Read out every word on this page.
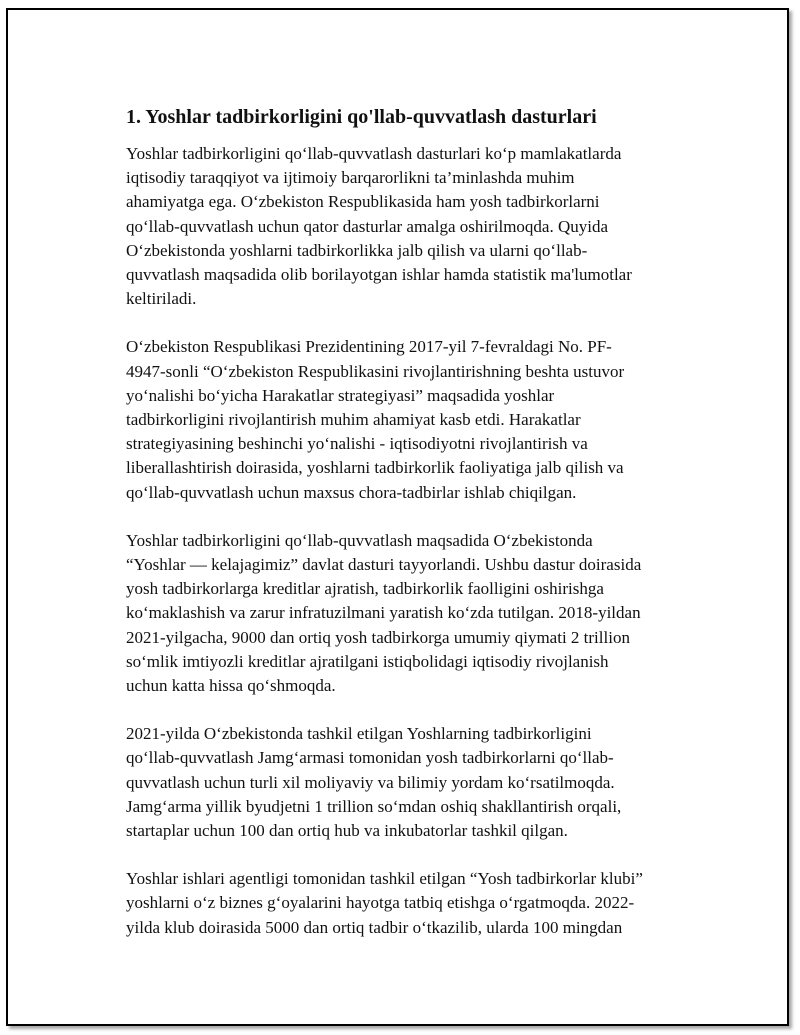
1. Yoshlar tadbirkorligini qo'llab-quvvatlash dasturlari
Yoshlar tadbirkorligini qo‘llab-quvvatlash dasturlari ko‘p mamlakatlarda
iqtisodiy taraqqiyot va ijtimoiy barqarorlikni ta’minlashda muhim
ahamiyatga ega. O‘zbekiston Respublikasida ham yosh tadbirkorlarni
qo‘llab-quvvatlash uchun qator dasturlar amalga oshirilmoqda. Quyida
O‘zbekistonda yoshlarni tadbirkorlikka jalb qilish va ularni qo‘llab-
quvvatlash maqsadida olib borilayotgan ishlar hamda statistik ma'lumotlar
keltiriladi.
O‘zbekiston Respublikasi Prezidentining 2017-yil 7-fevraldagi No. PF-
4947-sonli “O‘zbekiston Respublikasini rivojlantirishning beshta ustuvor
yo‘nalishi bo‘yicha Harakatlar strategiyasi” maqsadida yoshlar
tadbirkorligini rivojlantirish muhim ahamiyat kasb etdi. Harakatlar
strategiyasining beshinchi yo‘nalishi - iqtisodiyotni rivojlantirish va
liberallashtirish doirasida, yoshlarni tadbirkorlik faoliyatiga jalb qilish va
qo‘llab-quvvatlash uchun maxsus chora-tadbirlar ishlab chiqilgan.
Yoshlar tadbirkorligini qo‘llab-quvvatlash maqsadida O‘zbekistonda
“Yoshlar — kelajagimiz” davlat dasturi tayyorlandi. Ushbu dastur doirasida
yosh tadbirkorlarga kreditlar ajratish, tadbirkorlik faolligini oshirishga
ko‘maklashish va zarur infratuzilmani yaratish ko‘zda tutilgan. 2018-yildan
2021-yilgacha, 9000 dan ortiq yosh tadbirkorga umumiy qiymati 2 trillion
so‘mlik imtiyozli kreditlar ajratilgani istiqbolidagi iqtisodiy rivojlanish
uchun katta hissa qo‘shmoqda.
2021-yilda O‘zbekistonda tashkil etilgan Yoshlarning tadbirkorligini
qo‘llab-quvvatlash Jamg‘armasi tomonidan yosh tadbirkorlarni qo‘llab-
quvvatlash uchun turli xil moliyaviy va bilimiy yordam ko‘rsatilmoqda.
Jamg‘arma yillik byudjetni 1 trillion so‘mdan oshiq shakllantirish orqali,
startaplar uchun 100 dan ortiq hub va inkubatorlar tashkil qilgan.
Yoshlar ishlari agentligi tomonidan tashkil etilgan “Yosh tadbirkorlar klubi”
yoshlarni o‘z biznes g‘oyalarini hayotga tatbiq etishga o‘rgatmoqda. 2022-
yilda klub doirasida 5000 dan ortiq tadbir o‘tkazilib, ularda 100 mingdan
